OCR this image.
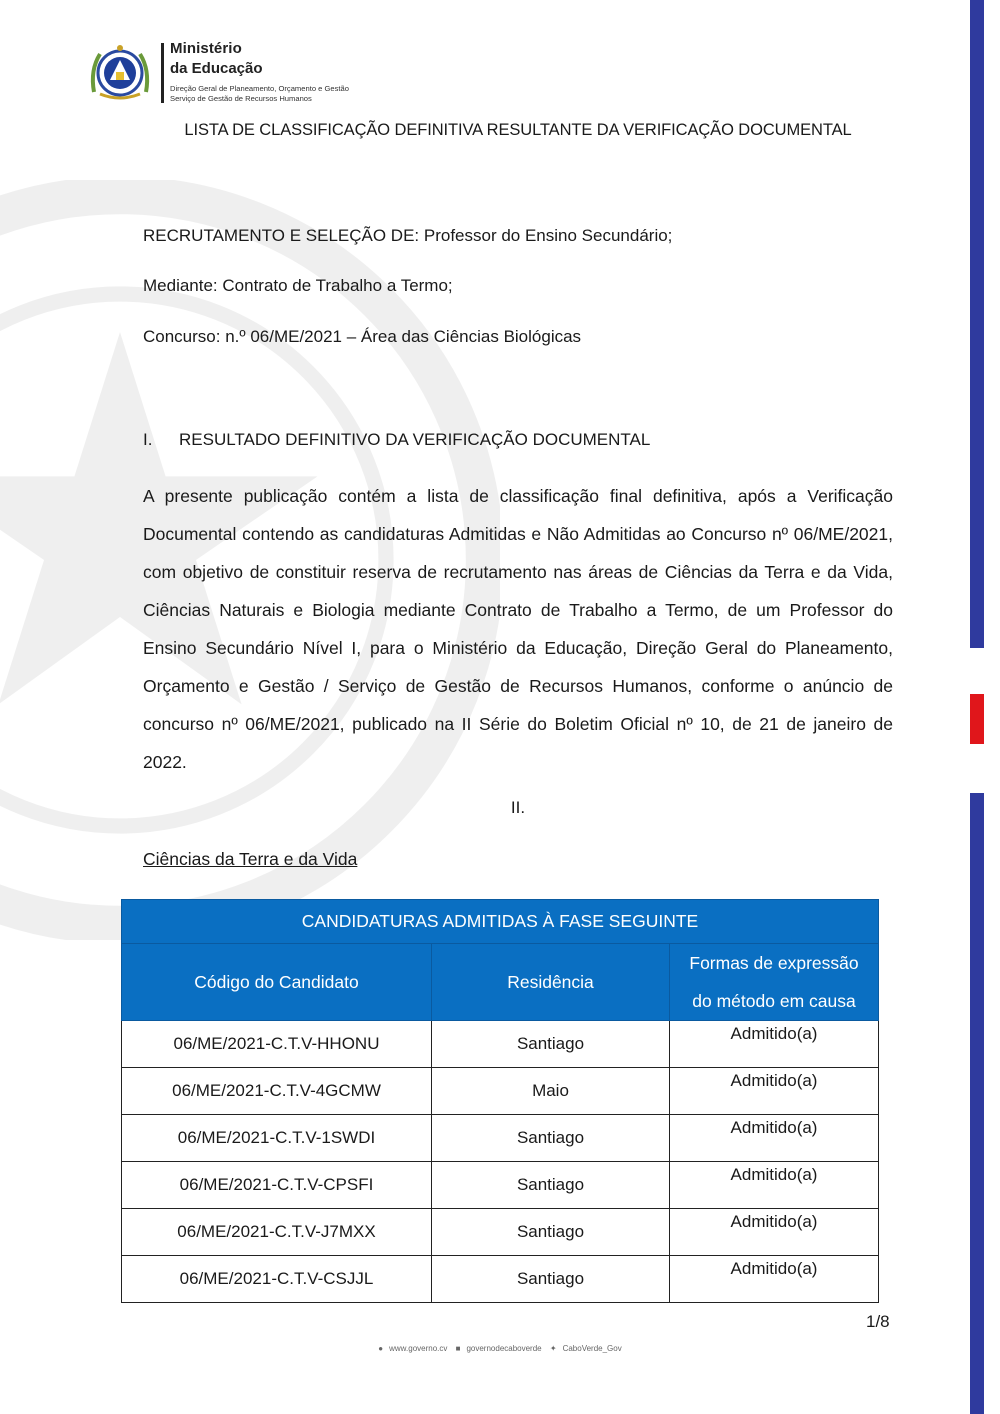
Ministério
da Educação
Direção Geral de Planeamento, Orçamento e Gestão
Serviço de Gestão de Recursos Humanos
LISTA DE CLASSIFICAÇÃO DEFINITIVA RESULTANTE DA VERIFICAÇÃO DOCUMENTAL
RECRUTAMENTO E SELEÇÃO DE: Professor do Ensino Secundário;
Mediante: Contrato de Trabalho a Termo;
Concurso: n.º 06/ME/2021 – Área das Ciências Biológicas
I. RESULTADO DEFINITIVO DA VERIFICAÇÃO DOCUMENTAL
A presente publicação contém a lista de classificação final definitiva, após a Verificação Documental contendo as candidaturas Admitidas e Não Admitidas ao Concurso nº 06/ME/2021, com objetivo de constituir reserva de recrutamento nas áreas de Ciências da Terra e da Vida, Ciências Naturais e Biologia mediante Contrato de Trabalho a Termo, de um Professor do Ensino Secundário Nível I, para o Ministério da Educação, Direção Geral do Planeamento, Orçamento e Gestão / Serviço de Gestão de Recursos Humanos, conforme o anúncio de concurso nº 06/ME/2021, publicado na II Série do Boletim Oficial nº 10, de 21 de janeiro de 2022.
II.
Ciências da Terra e da Vida
CANDIDATURAS ADMITIDAS À FASE SEGUINTE		
Código do Candidato	Residência	Formas de expressão
do método em causa

06/ME/2021-C.T.V-HHONU	Santiago	Admitido(a)
06/ME/2021-C.T.V-4GCMW	Maio	Admitido(a)
06/ME/2021-C.T.V-1SWDI	Santiago	Admitido(a)
06/ME/2021-C.T.V-CPSFI	Santiago	Admitido(a)
06/ME/2021-C.T.V-J7MXX	Santiago	Admitido(a)
06/ME/2021-C.T.V-CSJJL	Santiago	Admitido(a)
1/8
● www.governo.cv ■ governodecaboverde ✦ CaboVerde_Gov
